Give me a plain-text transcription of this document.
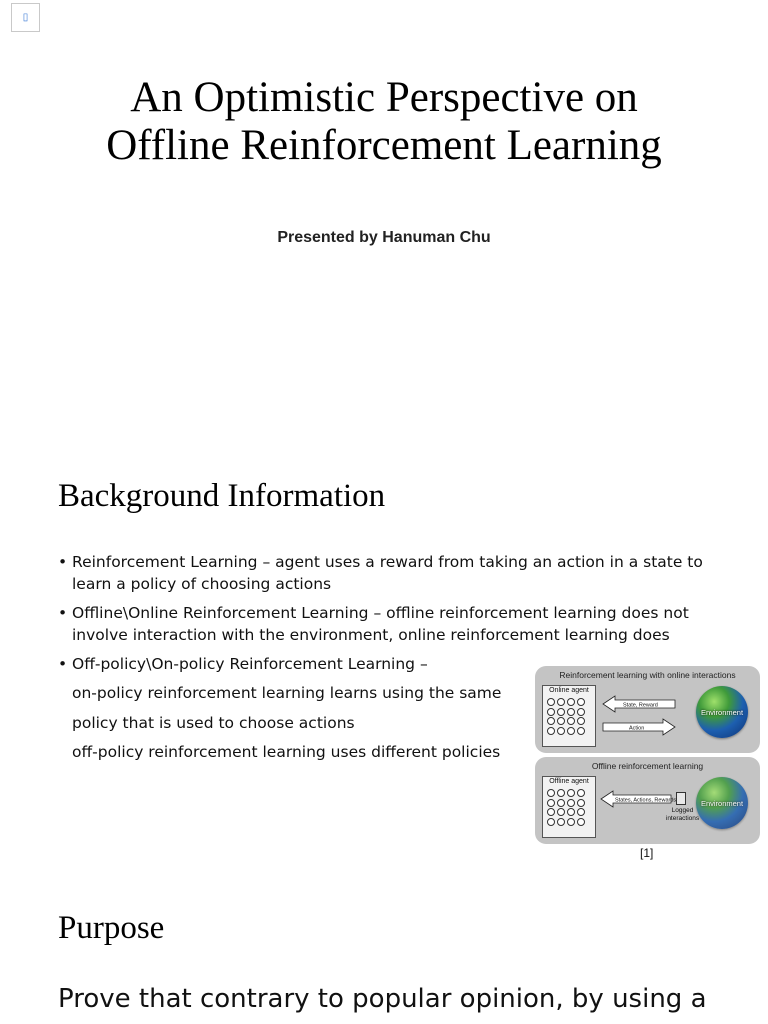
▯
An Optimistic Perspective on Offline Reinforcement Learning
Presented by Hanuman Chu
Background Information
• Reinforcement Learning – agent uses a reward from taking an action in a state to learn a policy of choosing actions
• Offline\Online Reinforcement Learning – offline reinforcement learning does not involve interaction with the environment, online reinforcement learning does
• Off-policy\On-policy Reinforcement Learning –
on-policy reinforcement learning learns using the same policy that is used to choose actions
off-policy reinforcement learning uses different policies
Reinforcement learning with online interactions
Online agent
State, Reward
Action
Environment
Offline reinforcement learning
Offline agent
States, Actions, Rewards
Logged interactions
Environment
[1]
Purpose
Prove that contrary to popular opinion, by using a
